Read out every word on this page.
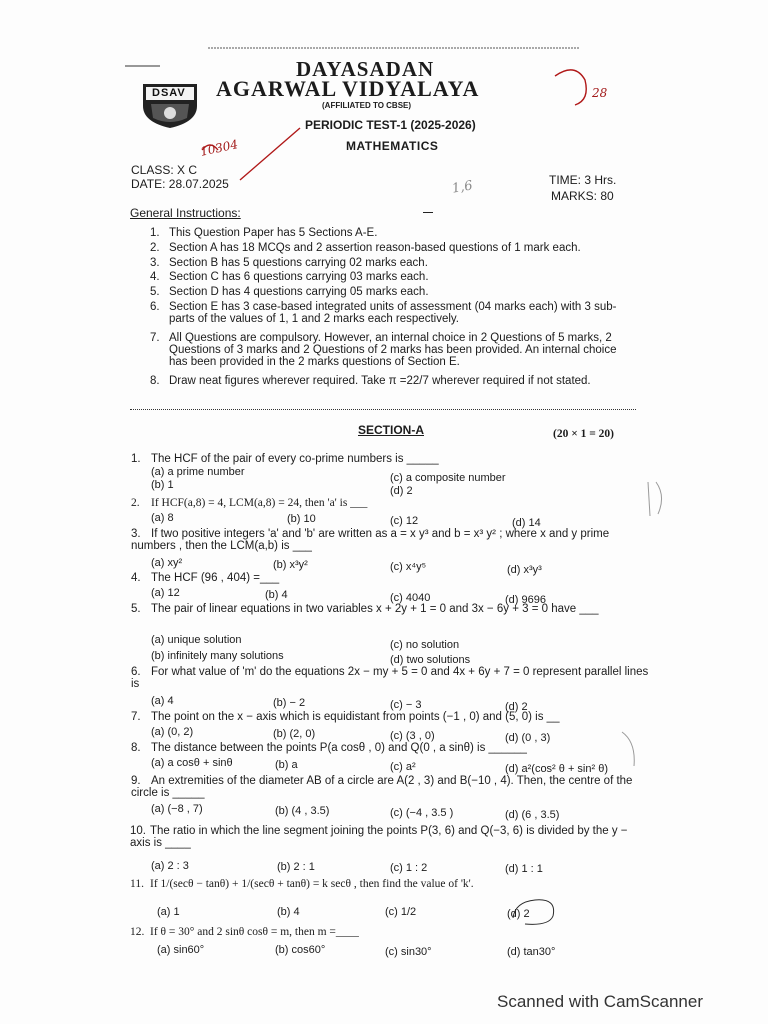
DSAV
DAYASADAN
AGARWAL VIDYALAYA
(AFFILIATED TO CBSE)
PERIODIC TEST-1 (2025-2026)
MATHEMATICS
10304
28
1,6
CLASS: X C
DATE: 28.07.2025	TIME: 3 Hrs.
MARKS: 80
General Instructions:
1. This Question Paper has 5 Sections A-E.
2. Section A has 18 MCQs and 2 assertion reason-based questions of 1 mark each.
3. Section B has 5 questions carrying 02 marks each.
4. Section C has 6 questions carrying 03 marks each.
5. Section D has 4 questions carrying 05 marks each.
6. Section E has 3 case-based integrated units of assessment (04 marks each) with 3 sub-parts of the values of 1, 1 and 2 marks each respectively.
7. All Questions are compulsory. However, an internal choice in 2 Questions of 5 marks, 2 Questions of 3 marks and 2 Questions of 2 marks has been provided. An internal choice has been provided in the 2 marks questions of Section E.
8. Draw neat figures wherever required. Take π =22/7 wherever required if not stated.
SECTION-A	(20 × 1 = 20)
1. The HCF of the pair of every co-prime numbers is _____
(a) a prime number	(c) a composite number
(b) 1	(d) 2
2. If HCF(a,8) = 4, LCM(a,8) = 24, then 'a' is ___
(a) 8	(b) 10	(c) 12	(d) 14
3. If two positive integers 'a' and 'b' are written as a = x y³ and b = x³ y² ; where x and y prime numbers , then the LCM(a,b) is ___
(a) xy²	(b) x³y²	(c) x⁴y⁵	(d) x³y³
4. The HCF (96 , 404) =___
(a) 12	(b) 4	(c) 4040	(d) 9696
5. The pair of linear equations in two variables x + 2y + 1 = 0 and 3x − 6y + 3 = 0 have ___
(a) unique solution	(c) no solution
(b) infinitely many solutions	(d) two solutions
6. For what value of 'm' do the equations 2x − my + 5 = 0 and 4x + 6y + 7 = 0 represent parallel lines is
(a) 4	(b) − 2	(c) − 3	(d) 2
7. The point on the x − axis which is equidistant from points (−1 , 0) and (5, 0) is __
(a) (0, 2)	(b) (2, 0)	(c) (3 , 0)	(d) (0 , 3)
8. The distance between the points P(a cosθ , 0) and Q(0 , a sinθ) is ______
(a) a cosθ + sinθ	(b) a	(c) a²	(d) a²(cos² θ + sin² θ)
9. An extremities of the diameter AB of a circle are A(2 , 3) and B(−10 , 4). Then, the centre of the circle is _____
(a) (−8 , 7)	(b) (4 , 3.5)	(c) (−4 , 3.5 )	(d) (6 , 3.5)
10. The ratio in which the line segment joining the points P(3, 6) and Q(−3, 6) is divided by the y − axis is ____
(a) 2 : 3	(b) 2 : 1	(c) 1 : 2	(d) 1 : 1
11. If 1/(secθ − tanθ) + 1/(secθ + tanθ) = k secθ , then find the value of 'k'.
(a) 1	(b) 4	(c) 1/2	(d) 2
12. If θ = 30° and 2 sinθ cosθ = m, then m =____
(a) sin60°	(b) cos60°	(c) sin30°	(d) tan30°
Scanned with CamScanner
